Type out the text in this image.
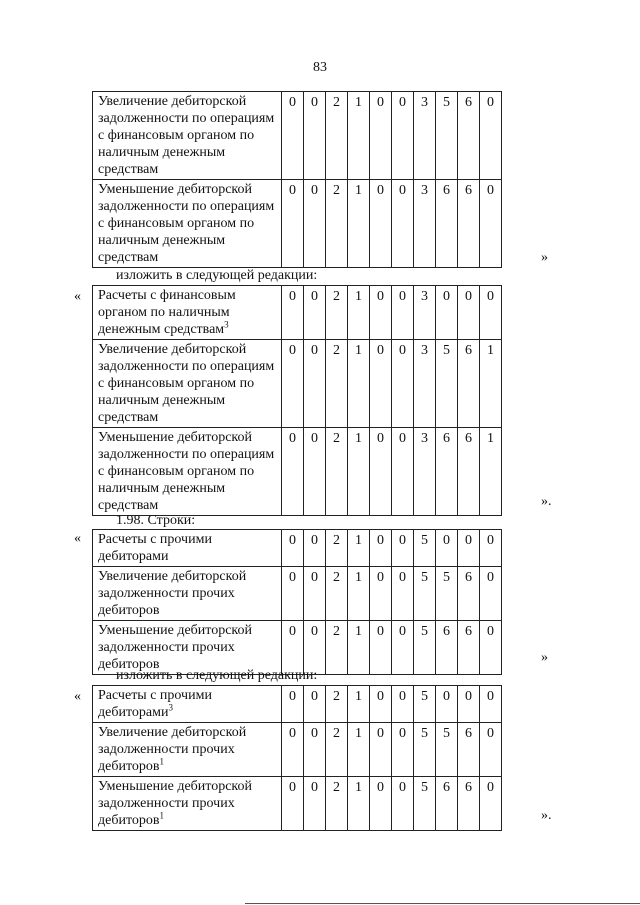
83
Увеличение дебиторской задолженности по операциям с финансовым органом по наличным денежным средствам	0	0	2	1	0	0	3	5	6	0
Уменьшение дебиторской задолженности по операциям с финансовым органом по наличным денежным средствам	0	0	2	1	0	0	3	6	6	0
»
изложить в следующей редакции:
« Расчеты с финансовым органом по наличным денежным средствам$^3$	0	0	2	1	0	0	3	0	0	0
Увеличение дебиторской задолженности по операциям с финансовым органом по наличным денежным средствам	0	0	2	1	0	0	3	5	6	1
Уменьшение дебиторской задолженности по операциям с финансовым органом по наличным денежным средствам	0	0	2	1	0	0	3	6	6	1
».
1.98. Строки:
« Расчеты с прочими дебиторами	0	0	2	1	0	0	5	0	0	0
Увеличение дебиторской задолженности прочих дебиторов	0	0	2	1	0	0	5	5	6	0
Уменьшение дебиторской задолженности прочих дебиторов	0	0	2	1	0	0	5	6	6	0
»
изложить в следующей редакции:
« Расчеты с прочими дебиторами$^3$	0	0	2	1	0	0	5	0	0	0
Увеличение дебиторской задолженности прочих дебиторов$^1$	0	0	2	1	0	0	5	5	6	0
Уменьшение дебиторской задолженности прочих дебиторов$^1$	0	0	2	1	0	0	5	6	6	0
».
